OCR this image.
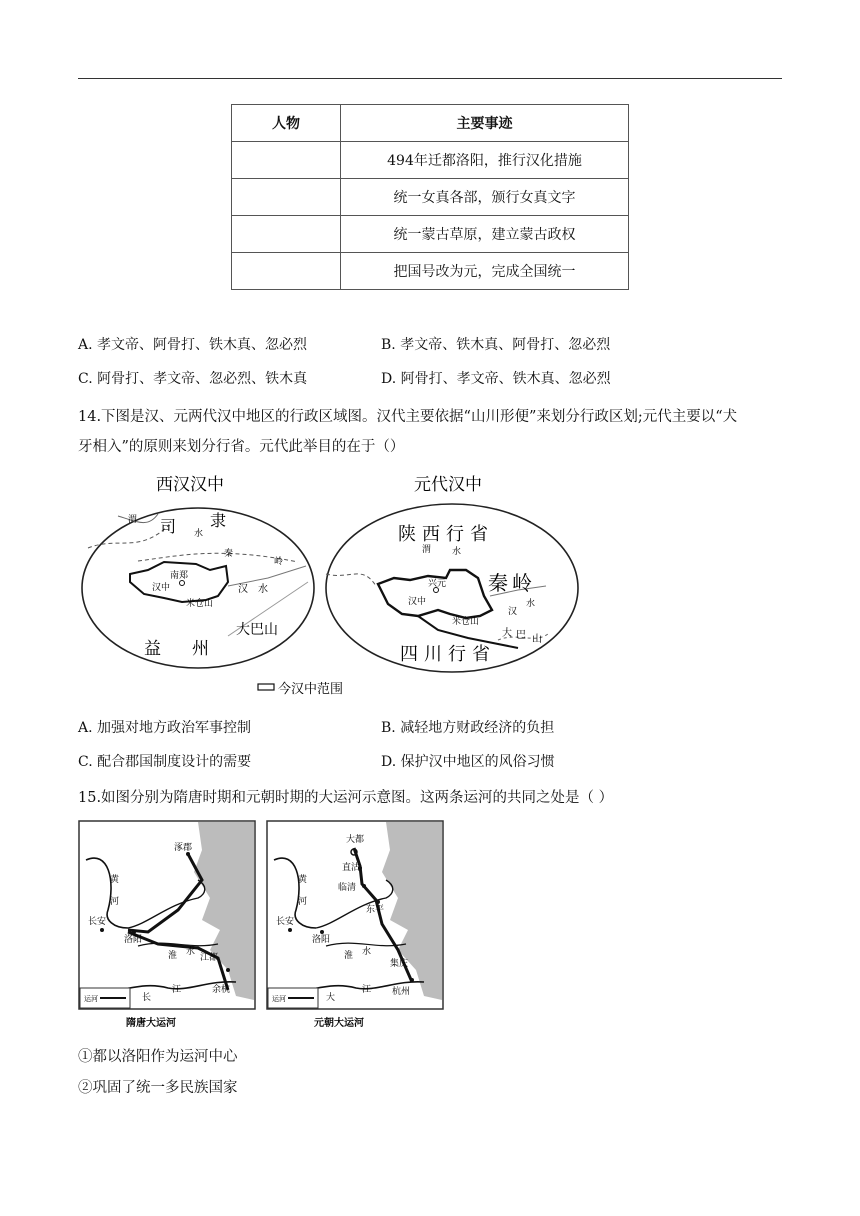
人物	主要事迹
	494年迁都洛阳，推行汉化措施
	统一女真各部，颁行女真文字
	统一蒙古草原，建立蒙古政权
	把国号改为元，完成全国统一
A. 孝文帝、阿骨打、铁木真、忽必烈	B. 孝文帝、铁木真、阿骨打、忽必烈
C. 阿骨打、孝文帝、忽必烈、铁木真	D. 阿骨打、孝文帝、铁木真、忽必烈
14.下图是汉、元两代汉中地区的行政区域图。汉代主要依据“山川形便”来划分行政区划;元代主要以“犬
牙相入”的原则来划分行省。元代此举目的在于（）
西汉汉中
渭 司 隶
水
秦
岭
南郑
汉中
米仓山
汉 水
大巴山
益 州
元代汉中
陕西行省
渭 水
秦岭
兴元
汉中
米仓山
汉
水
大 巴 山
四川行省
今汉中范围
A. 加强对地方政治军事控制	B. 减轻地方财政经济的负担
C. 配合郡国制度设计的需要	D. 保护汉中地区的风俗习惯
15.如图分别为隋唐时期和元朝时期的大运河示意图。这两条运河的共同之处是（ ）
涿郡
黄
河
长安
洛阳
淮 水
江都
长
江	余杭
运河
隋唐大运河
大都
直沽
黄
河
临清
东平
长安
洛阳
淮 水
集庆
大
江 杭州
运河
元朝大运河
①都以洛阳作为运河中心
②巩固了统一多民族国家
